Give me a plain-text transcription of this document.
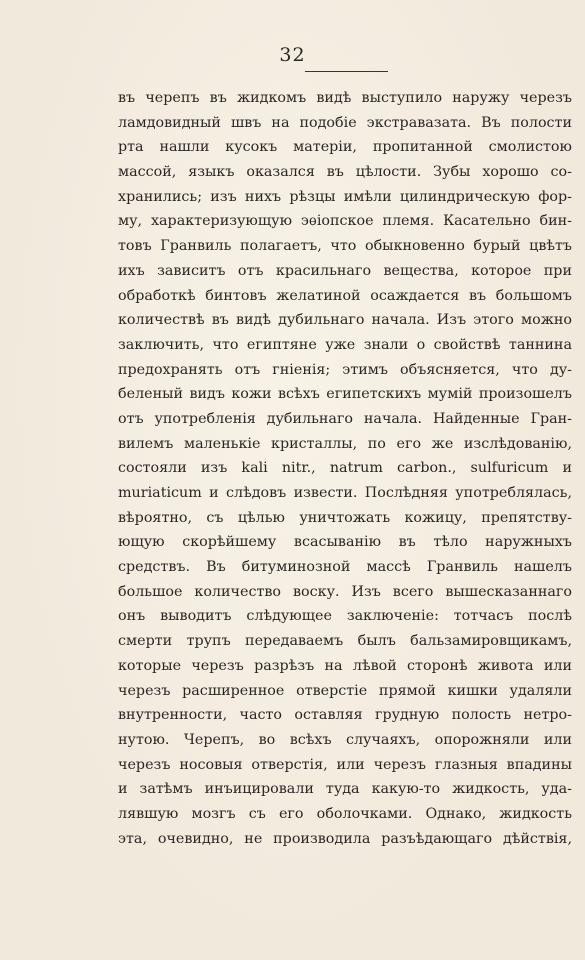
32
въ черепъ въ жидкомъ видѣ выступило наружу черезъ
ламдовидный швъ на подобіе экстравазата. Въ полости
рта нашли кусокъ матеріи, пропитанной смолистою
массой, языкъ оказался въ цѣлости. Зубы хорошо со-
хранились; изъ нихъ рѣзцы имѣли цилиндрическую фор-
му, характеризующую эѳіопское племя. Касательно бин-
товъ Гранвиль полагаетъ, что обыкновенно бурый цвѣтъ
ихъ зависитъ отъ красильнаго вещества, которое при
обработкѣ бинтовъ желатиной осаждается въ большомъ
количествѣ въ видѣ дубильнаго начала. Изъ этого можно
заключить, что египтяне уже знали о свойствѣ таннина
предохранять отъ гніенія; этимъ объясняется, что ду-
беленый видъ кожи всѣхъ египетскихъ мумій произошелъ
отъ употребленія дубильнаго начала. Найденные Гран-
вилемъ маленькіе кристаллы, по его же изслѣдованію,
состояли изъ kali nitr., natrum carbon., sulfuricum и
muriaticum и слѣдовъ извести. Послѣдняя употреблялась,
вѣроятно, съ цѣлью уничтожать кожицу, препятству-
ющую скорѣйшему всасыванію въ тѣло наружныхъ
средствъ. Въ битуминозной массѣ Гранвиль нашелъ
большое количество воску. Изъ всего вышесказаннаго
онъ выводитъ слѣдующее заключеніе: тотчасъ послѣ
смерти трупъ передаваемъ былъ бальзамировщикамъ,
которые черезъ разрѣзъ на лѣвой сторонѣ живота или
черезъ расширенное отверстіе прямой кишки удаляли
внутренности, часто оставляя грудную полость нетро-
нутою. Черепъ, во всѣхъ случаяхъ, опорожняли или
черезъ носовыя отверстія, или черезъ глазныя впадины
и затѣмъ инъицировали туда какую-то жидкость, уда-
лявшую мозгъ съ его оболочками. Однако, жидкость
эта, очевидно, не производила разъѣдающаго дѣйствія,
